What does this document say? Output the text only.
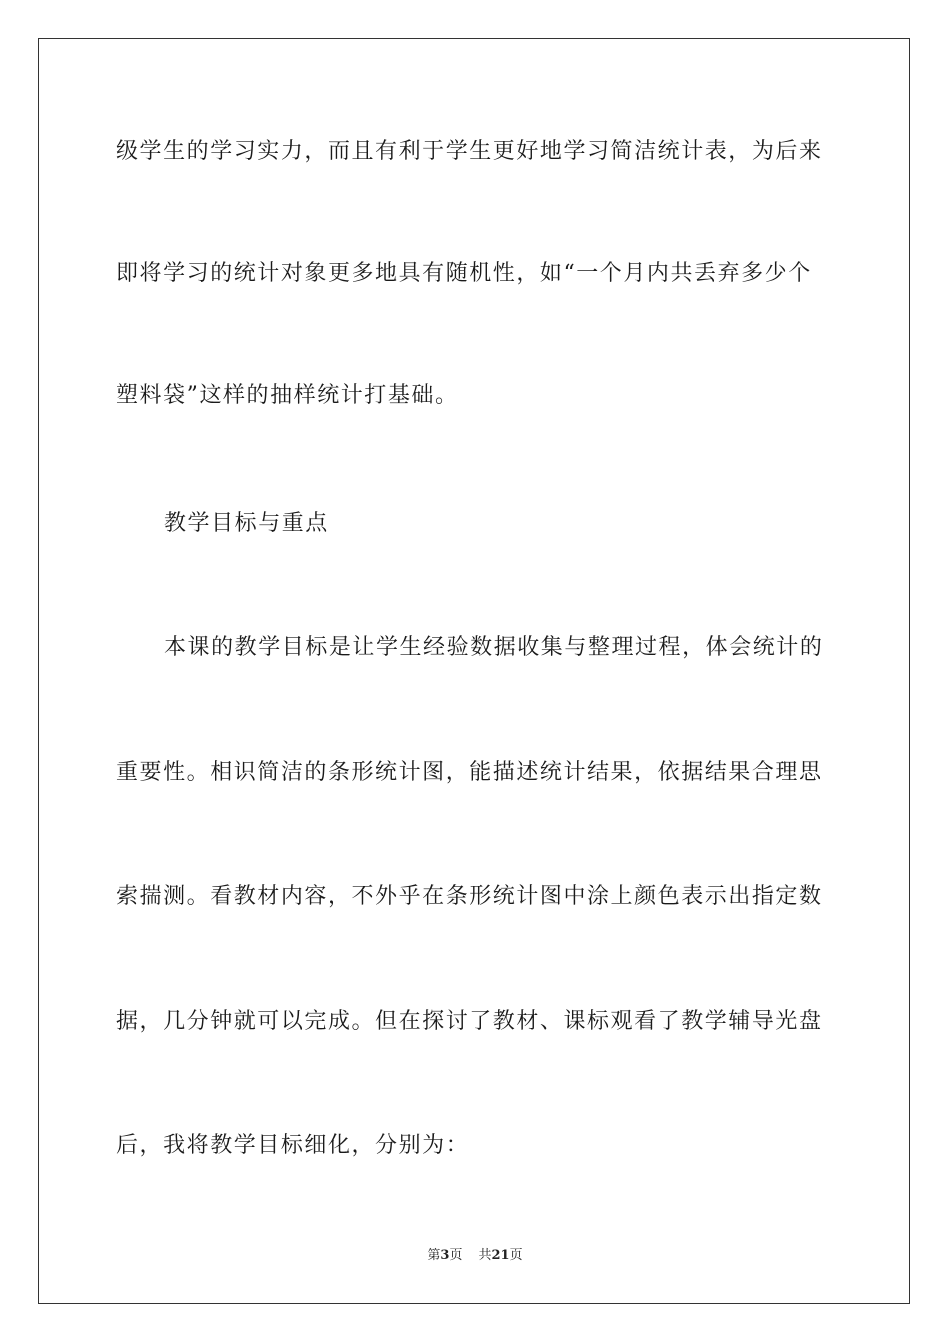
级学生的学习实力，而且有利于学生更好地学习简洁统计表，为后来
即将学习的统计对象更多地具有随机性，如“一个月内共丢弃多少个
塑料袋”这样的抽样统计打基础。
教学目标与重点
本课的教学目标是让学生经验数据收集与整理过程，体会统计的
重要性。相识简洁的条形统计图，能描述统计结果，依据结果合理思
索揣测。看教材内容，不外乎在条形统计图中涂上颜色表示出指定数
据，几分钟就可以完成。但在探讨了教材、课标观看了教学辅导光盘
后，我将教学目标细化，分别为：
第3页 共21页
